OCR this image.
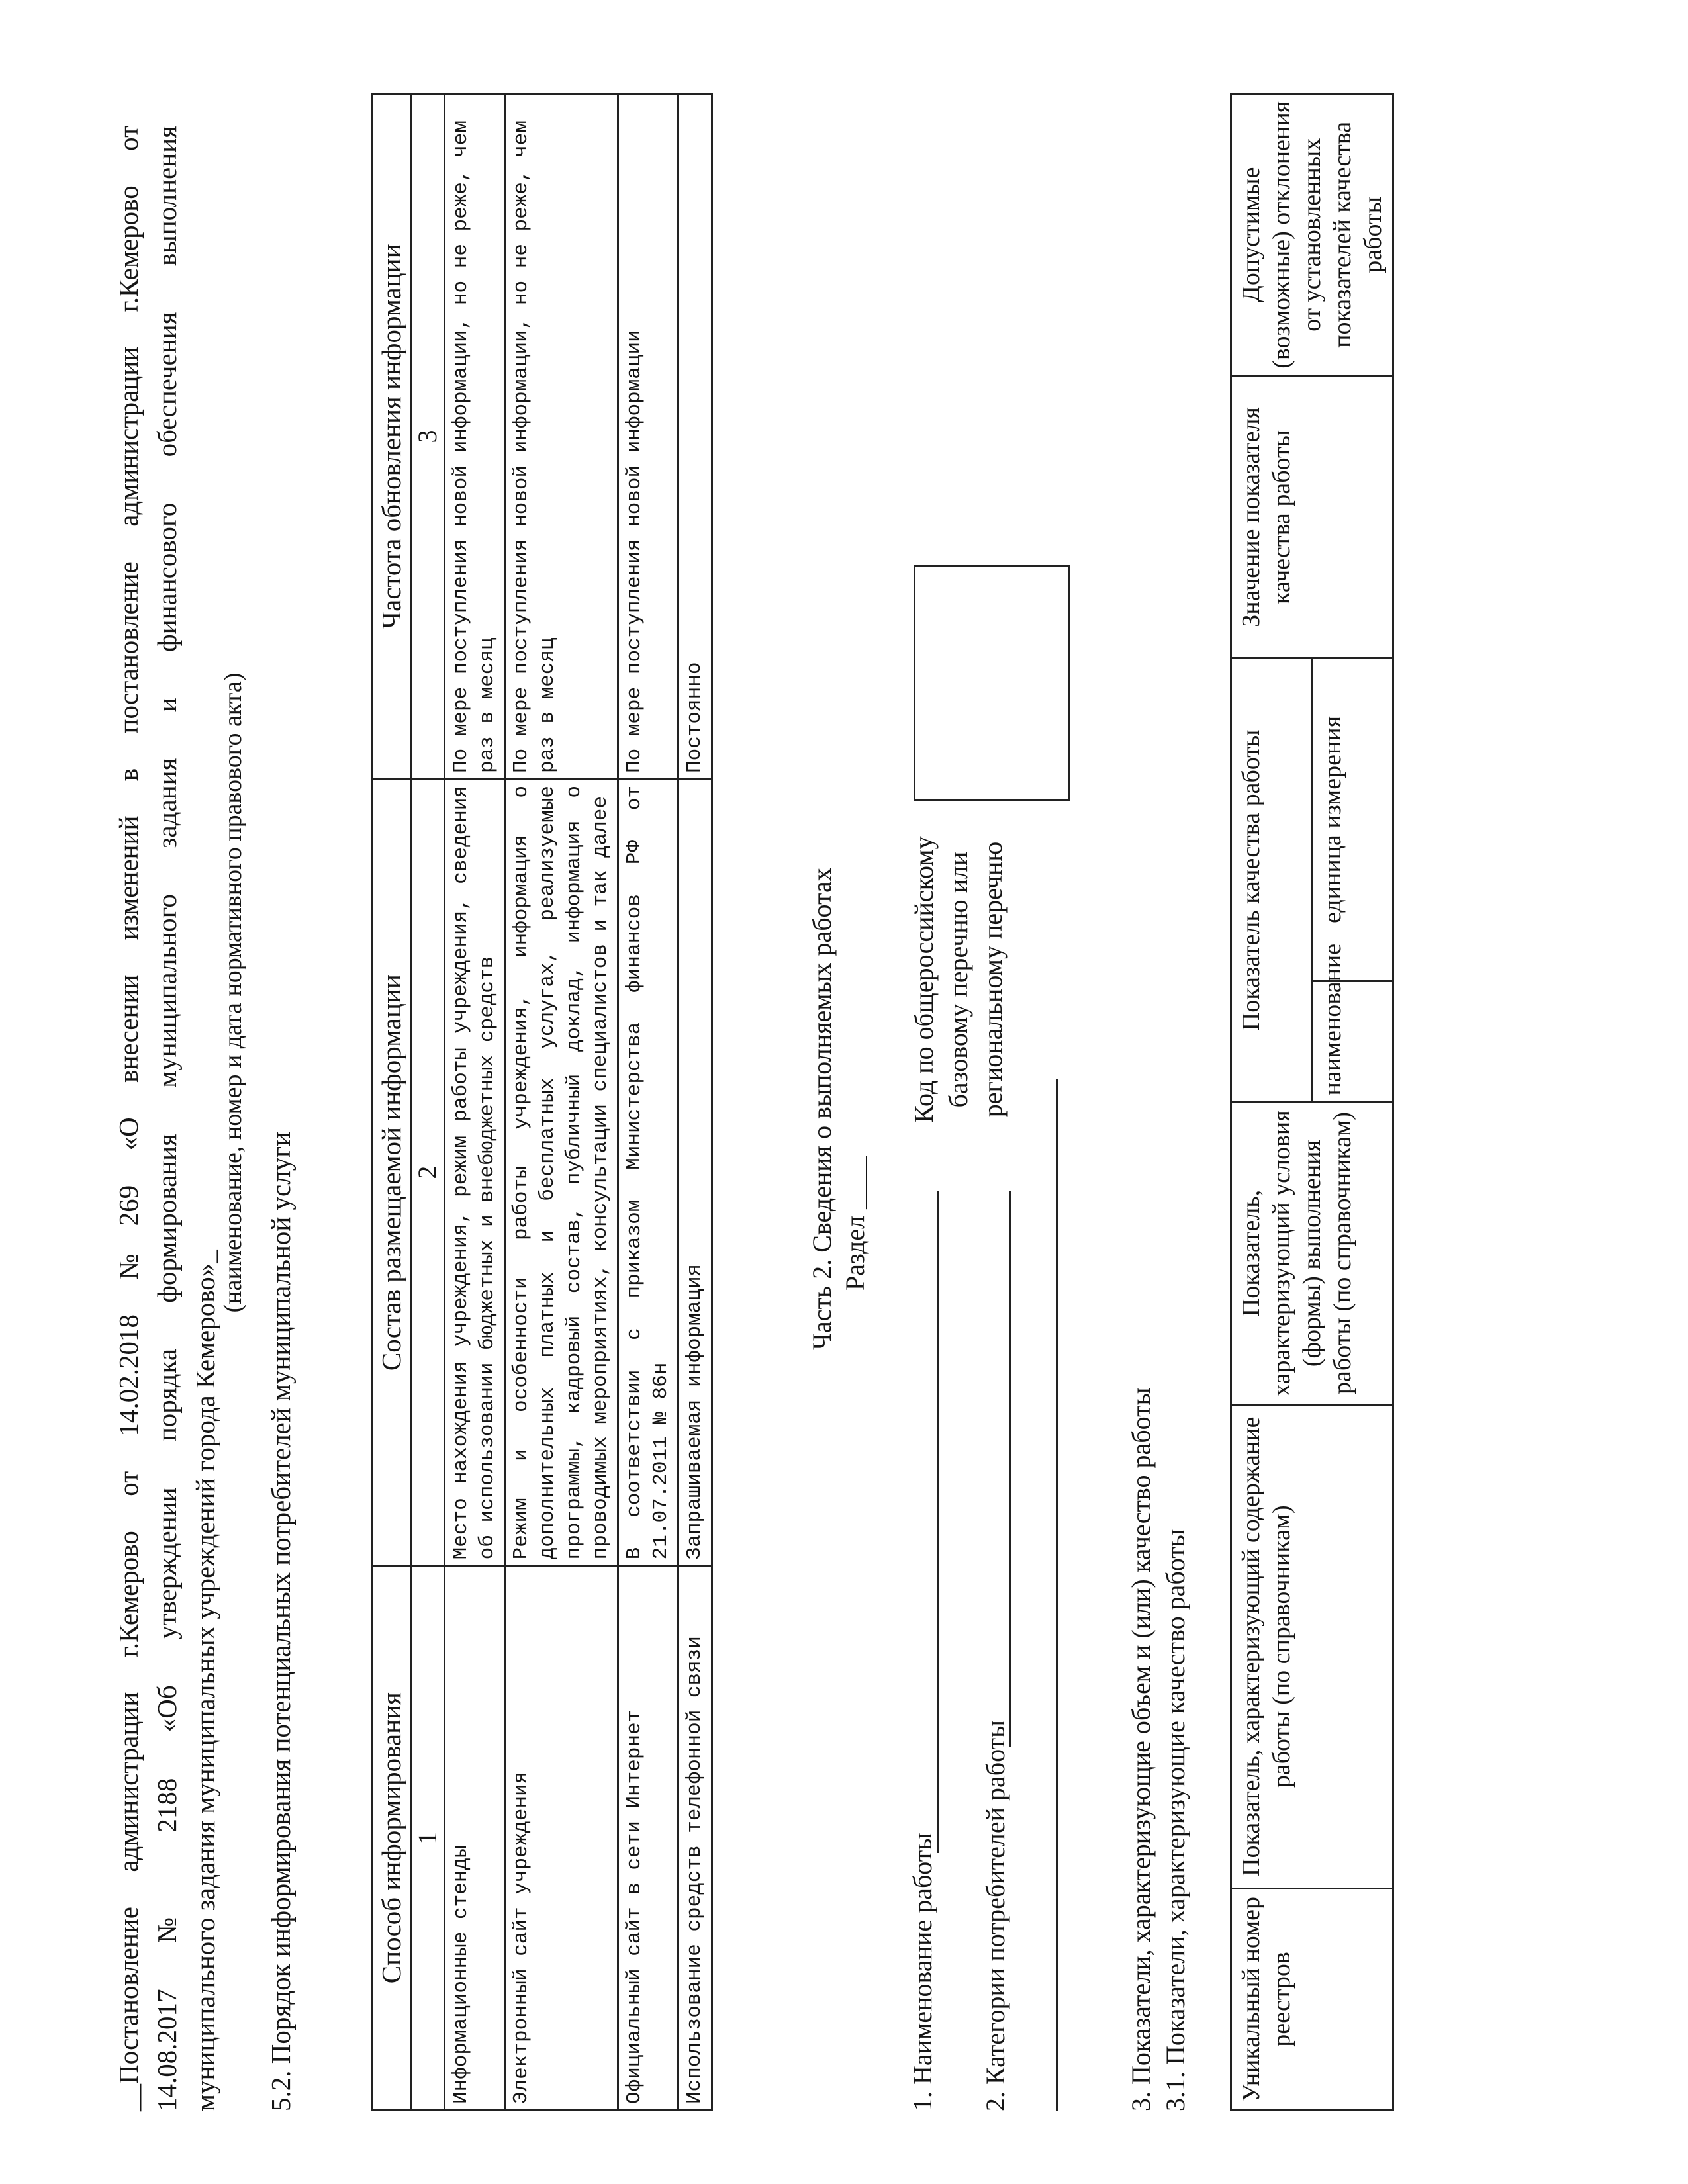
__Постановление администрации г.Кемерово от 14.02.2018 №269 «О внесении изменений в постановление администрации г.Кемерово от 14.08.2017 № 2188 «Об утверждении порядка формирования муниципального задания и финансового обеспечения выполнения муниципального задания муниципальных учреждений города Кемерово»_
(наименование, номер и дата нормативного правового акта)
5.2. Порядок информирования потенциальных потребителей муниципальной услуги	Способ информирования	Состав размещаемой информации	Частота обновления информации
1	2	3
Информационные стенды	Место нахождения учреждения, режим работы учреждения, сведения об использовании бюджетных и внебюджетных средств	По мере поступления новой информации, но не реже, чем раз в месяц
Электронный сайт учреждения	Режим и особенности работы учреждения, информация о дополнительных платных и бесплатных услугах, реализуемые программы, кадровый состав, публичный доклад, информация о проводимых мероприятиях, консультации специалистов и так далее	По мере поступления новой информации, но не реже, чем раз в месяц
Официальный сайт в сети Интернет	В соответствии с приказом Министерства финансов РФ от 21.07.2011 № 86н	По мере поступления новой информации
Использование средств телефонной связи	Запрашиваемая информация	Постоянно
Часть 2. Сведения о выполняемых работах Раздел ____
1. Наименование работы 2. Категории потребителей работы
Код по общероссийскому базовому перечню или региональному перечню
3. Показатели, характеризующие объем и (или) качество работы 3.1. Показатели, характеризующие качество работы Уникальный номер реестров	Показатель, характеризующий содержание работы (по справочникам)	Показатель, характеризующий условия (формы) выполнения работы (по справочникам)	Показатель качества работы		Значение показателя качества работы	Допустимые (возможные) отклонения от установленных показателей качества работы
			наименование	единица измерения		
